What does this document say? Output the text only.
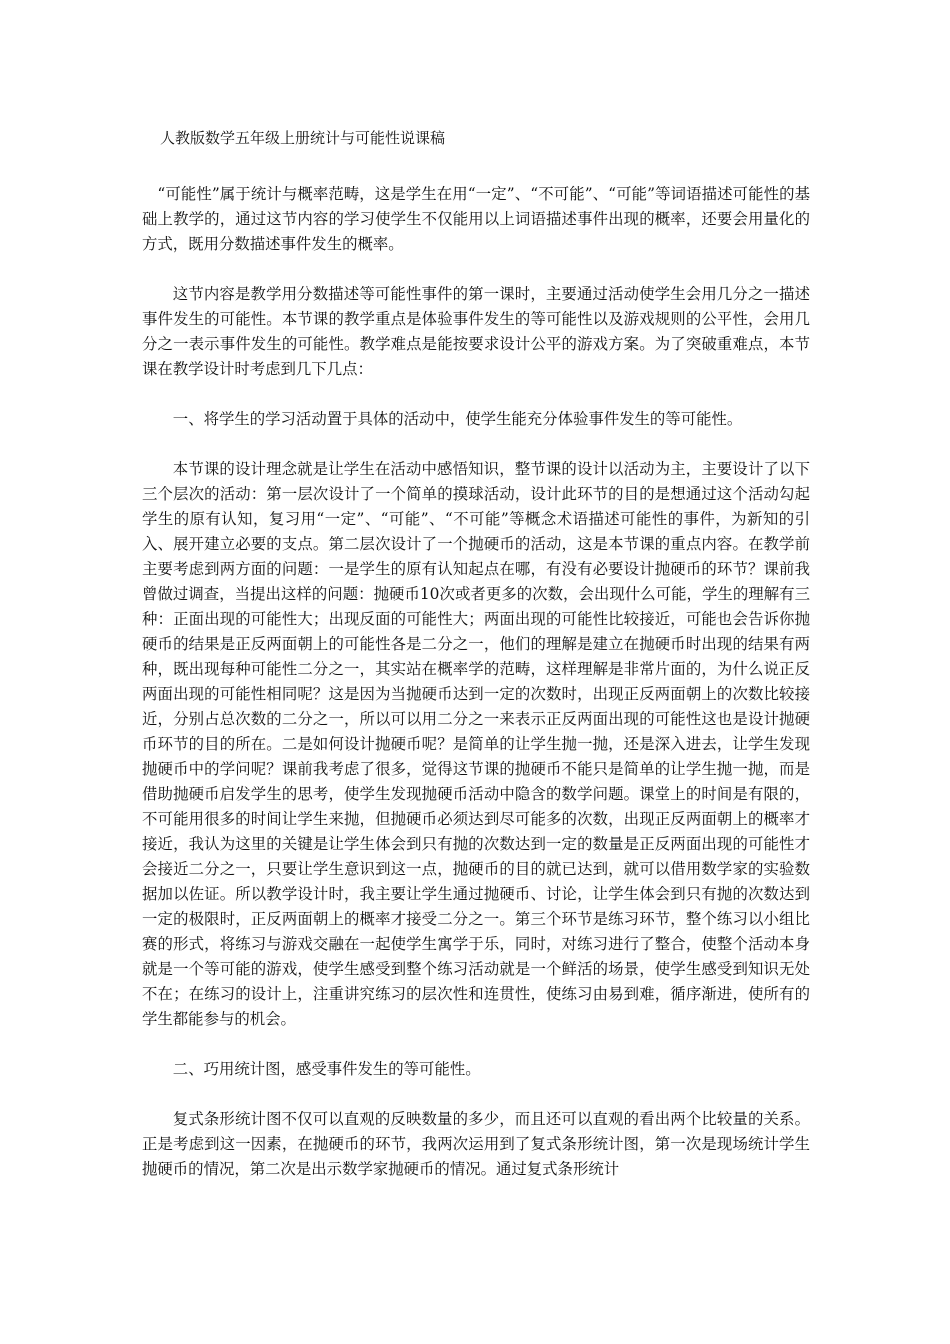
人教版数学五年级上册统计与可能性说课稿

“可能性”属于统计与概率范畴，这是学生在用“一定”、“不可能”、“可能”等词语描述可能性的基础上教学的，通过这节内容的学习使学生不仅能用以上词语描述事件出现的概率，还要会用量化的方式，既用分数描述事件发生的概率。

这节内容是教学用分数描述等可能性事件的第一课时，主要通过活动使学生会用几分之一描述事件发生的可能性。本节课的教学重点是体验事件发生的等可能性以及游戏规则的公平性，会用几分之一表示事件发生的可能性。教学难点是能按要求设计公平的游戏方案。为了突破重难点，本节课在教学设计时考虑到几下几点：

一、将学生的学习活动置于具体的活动中，使学生能充分体验事件发生的等可能性。

本节课的设计理念就是让学生在活动中感悟知识，整节课的设计以活动为主，主要设计了以下三个层次的活动：第一层次设计了一个简单的摸球活动，设计此环节的目的是想通过这个活动勾起学生的原有认知，复习用“一定”、“可能”、“不可能”等概念术语描述可能性的事件，为新知的引入、展开建立必要的支点。第二层次设计了一个抛硬币的活动，这是本节课的重点内容。在教学前主要考虑到两方面的问题：一是学生的原有认知起点在哪，有没有必要设计抛硬币的环节？课前我曾做过调查，当提出这样的问题：抛硬币10次或者更多的次数，会出现什么可能，学生的理解有三种：正面出现的可能性大；出现反面的可能性大；两面出现的可能性比较接近，可能也会告诉你抛硬币的结果是正反两面朝上的可能性各是二分之一，他们的理解是建立在抛硬币时出现的结果有两种，既出现每种可能性二分之一，其实站在概率学的范畴，这样理解是非常片面的，为什么说正反两面出现的可能性相同呢？这是因为当抛硬币达到一定的次数时，出现正反两面朝上的次数比较接近，分别占总次数的二分之一，所以可以用二分之一来表示正反两面出现的可能性这也是设计抛硬币环节的目的所在。二是如何设计抛硬币呢？是简单的让学生抛一抛，还是深入进去，让学生发现抛硬币中的学问呢？课前我考虑了很多，觉得这节课的抛硬币不能只是简单的让学生抛一抛，而是借助抛硬币启发学生的思考，使学生发现抛硬币活动中隐含的数学问题。课堂上的时间是有限的，不可能用很多的时间让学生来抛，但抛硬币必须达到尽可能多的次数，出现正反两面朝上的概率才接近，我认为这里的关键是让学生体会到只有抛的次数达到一定的数量是正反两面出现的可能性才会接近二分之一，只要让学生意识到这一点，抛硬币的目的就已达到，就可以借用数学家的实验数据加以佐证。所以教学设计时，我主要让学生通过抛硬币、讨论，让学生体会到只有抛的次数达到一定的极限时，正反两面朝上的概率才接受二分之一。第三个环节是练习环节，整个练习以小组比赛的形式，将练习与游戏交融在一起使学生寓学于乐，同时，对练习进行了整合，使整个活动本身就是一个等可能的游戏，使学生感受到整个练习活动就是一个鲜活的场景，使学生感受到知识无处不在；在练习的设计上，注重讲究练习的层次性和连贯性，使练习由易到难，循序渐进，使所有的学生都能参与的机会。

二、巧用统计图，感受事件发生的等可能性。

复式条形统计图不仅可以直观的反映数量的多少，而且还可以直观的看出两个比较量的关系。正是考虑到这一因素，在抛硬币的环节，我两次运用到了复式条形统计图，第一次是现场统计学生抛硬币的情况，第二次是出示数学家抛硬币的情况。通过复式条形统计
